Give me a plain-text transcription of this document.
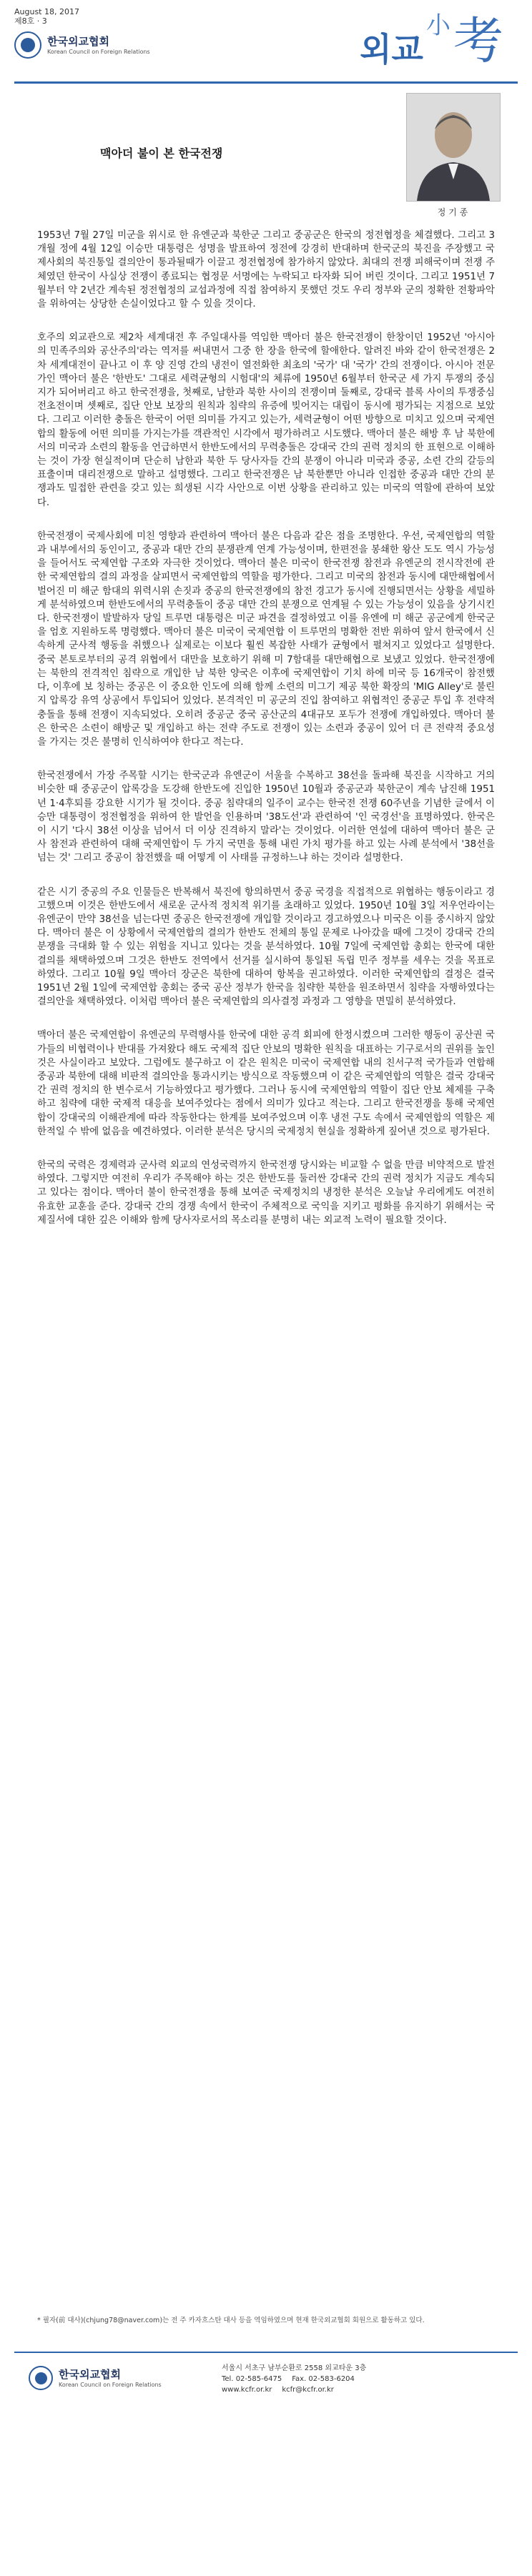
August 18, 2017
제8호 · 3
한국외교협회
Korean Council on Foreign Relations	외교
小 考
맥아더 불이 본 한국전쟁
정 기 종

1953년 7월 27일 미군을 위시로 한 유엔군과 북한군 그리고 중공군은 한국의 정전협정을 체결했다. 그리고 3개월 정에 4월 12일 이승만 대통령은 성명을 발표하여 정전에 강경히 반대하며 한국군의 북진을 주장했고 국제사회의 북진통일 결의안이 통과될때가 이끌고 정전협정에 참가하지 않았다. 최대의 전쟁 피해국이며 전쟁 주체였던 한국이 사실상 전쟁이 종료되는 협정문 서명에는 누락되고 타자화 되어 버린 것이다. 그리고 1951년 7월부터 약 2년간 계속된 정전협정의 교섭과정에 직접 참여하지 못했던 것도 우리 정부와 군의 정확한 전황파악을 위하여는 상당한 손실이었다고 할 수 있을 것이다.

호주의 외교관으로 제2차 세계대전 후 주일대사를 역임한 맥아더 불은 한국전쟁이 한창이던 1952년 '아시아의 민족주의와 공산주의'라는 역저를 써내면서 그중 한 장을 한국에 할애한다. 알려진 바와 같이 한국전쟁은 2차 세계대전이 끝나고 이 후 양 진영 간의 냉전이 열전화한 최초의 '국가' 대 '국가' 간의 전쟁이다. 아시아 전문가인 맥아더 불은 '한반도' 그대로 세력균형의 시험대'의 체류에 1950년 6월부터 한국군 세 가지 투쟁의 중심지가 되어버리고 하고 한국전쟁을, 첫째로, 남한과 북한 사이의 전쟁이며 둘째로, 강대국 블록 사이의 투쟁중심 전초전이며 셋째로, 집단 안보 보장의 원칙과 침략의 유증에 빚어지는 대립이 동시에 평가되는 지점으로 보았다. 그리고 이러한 충돌은 한국이 어떤 의미를 가지고 있는가, 세력균형이 어떤 방향으로 미치고 있으며 국제연합의 활동에 어떤 의미를 가지는가를 객관적인 시각에서 평가하려고 시도했다. 맥아더 불은 해방 후 남 북한에서의 미국과 소련의 활동을 언급하면서 한반도에서의 무력충돌은 강대국 간의 권력 정치의 한 표현으로 이해하는 것이 가장 현실적이며 단순히 남한과 북한 두 당사자들 간의 분쟁이 아니라 미국과 중공, 소련 간의 갈등의 표출이며 대리전쟁으로 말하고 설명했다. 그리고 한국전쟁은 남 북한뿐만 아니라 인접한 중공과 대만 간의 분쟁과도 밀접한 관련을 갖고 있는 희생된 시각 사안으로 이번 상황을 관리하고 있는 미국의 역할에 관하여 보았다.

한국전쟁이 국제사회에 미친 영향과 관련하여 맥아더 불은 다음과 같은 점을 조명한다. 우선, 국제연합의 역할과 내부에서의 동인이고, 중공과 대만 간의 분쟁관계 연계 가능성이며, 한편전을 봉쇄한 왕산 도도 역시 가능성을 들어서도 국제연합 구조와 자극한 것이었다. 맥아더 불은 미국이 한국전쟁 참전과 유엔군의 전시작전에 관한 국제연합의 결의 과정을 살피면서 국제연합의 역할을 평가한다. 그리고 미국의 참전과 동시에 대만해협에서 벌어진 미 해군 함대의 위력시위 손짓과 중공의 한국전쟁에의 참전 경고가 동시에 진행되면서는 상황을 세밀하게 분석하였으며 한반도에서의 무력충돌이 중공 대만 간의 분쟁으로 연계될 수 있는 가능성이 있음을 상기시킨다. 한국전쟁이 발발하자 당일 트루먼 대통령은 미군 파견을 결정하였고 이를 유엔에 미 해군 공군에게 한국군을 엄호 지원하도록 명령했다. 맥아더 불은 미국이 국제연합 이 트루먼의 명확한 전반 위하여 앞서 한국에서 신속하게 군사적 행동을 취했으나 실제로는 이보다 훨씬 복잡한 사태가 균형에서 펼쳐지고 있었다고 설명한다. 중국 본토로부터의 공격 위협에서 대만을 보호하기 위해 미 7함대를 대만해협으로 보냈고 있었다. 한국전쟁에는 북한의 전격적인 침략으로 개입한 남 북한 양국은 이후에 국제연합이 기치 하에 미국 등 16개국이 참전했다, 이후에 보 칭하는 중공은 이 중요한 인도에 의해 함께 소련의 미그기 제공 북한 확장의 'MIG Alley'로 불린 지 압록강 유역 상공에서 투입되어 있었다. 본격적인 미 공군의 진입 참여하고 위협적인 중공군 투입 후 전략적 충돌을 통해 전쟁이 지속되었다. 오히려 중공군 중국 공산군의 4대규모 포두가 전쟁에 개입하였다. 맥아더 불은 한국은 소련이 해방군 및 개입하고 하는 전략 주도로 전쟁이 있는 소련과 중공이 있어 더 큰 전략적 중요성을 가지는 것은 불명히 인식하여야 한다고 적는다.

한국전쟁에서 가장 주목할 시기는 한국군과 유엔군이 서울을 수복하고 38선을 돌파해 북진을 시작하고 거의 비슷한 때 중공군이 압록강을 도강해 한반도에 진입한 1950년 10월과 중공군과 북한군이 계속 남진해 1951년 1·4후퇴를 강요한 시기가 될 것이다. 중공 침략대의 일주이 교수는 한국전 전쟁 60주년을 기념한 글에서 이승만 대통령이 정전협정을 위하여 한 발언을 인용하며 '38도선'과 관련하여 '인 국경선'을 표명하였다. 한국은 이 시기 '다시 38선 이상을 넘어서 더 이상 진격하지 말라'는 것이었다. 이러한 연설에 대하여 맥아더 불은 군사 참전과 관련하여 대해 국제연합이 두 가지 국면을 통해 내린 가치 평가를 하고 있는 사례 분석에서 '38선을 넘는 것' 그리고 중공이 참전했을 때 어떻게 이 사태를 규정하느냐 하는 것이라 설명한다.

같은 시기 중공의 주요 인물들은 반복해서 북진에 항의하면서 중공 국경을 직접적으로 위협하는 행동이라고 경고했으며 이것은 한반도에서 새로운 군사적 정치적 위기를 초래하고 있었다. 1950년 10월 3일 저우언라이는 유엔군이 만약 38선을 넘는다면 중공은 한국전쟁에 개입할 것이라고 경고하였으나 미국은 이를 중시하지 않았다. 맥아더 불은 이 상황에서 국제연합의 결의가 한반도 전체의 통일 문제로 나아갔을 때에 그것이 강대국 간의 분쟁을 극대화 할 수 있는 위험을 지니고 있다는 것을 분석하였다. 10월 7일에 국제연합 총회는 한국에 대한 결의를 채택하였으며 그것은 한반도 전역에서 선거를 실시하여 통일된 독립 민주 정부를 세우는 것을 목표로 하였다. 그리고 10월 9일 맥아더 장군은 북한에 대하여 항복을 권고하였다. 이러한 국제연합의 결정은 결국 1951년 2월 1일에 국제연합 총회는 중국 공산 정부가 한국을 침략한 북한을 원조하면서 침략을 자행하였다는 결의안을 채택하였다. 이처럼 맥아더 불은 국제연합의 의사결정 과정과 그 영향을 면밀히 분석하였다.

맥아더 불은 국제연합이 유엔군의 무력행사를 한국에 대한 공격 회피에 한정시켰으며 그러한 행동이 공산권 국가들의 비협력이나 반대를 가져왔다 해도 국제적 집단 안보의 명확한 원칙을 대표하는 기구로서의 권위를 높인 것은 사실이라고 보았다. 그럼에도 불구하고 이 같은 원칙은 미국이 국제연합 내의 친서구적 국가들과 연합해 중공과 북한에 대해 비판적 결의안을 통과시키는 방식으로 작동했으며 이 같은 국제연합의 역할은 결국 강대국 간 권력 정치의 한 변수로서 기능하였다고 평가했다. 그러나 동시에 국제연합의 역할이 집단 안보 체제를 구축하고 침략에 대한 국제적 대응을 보여주었다는 점에서 의미가 있다고 적는다. 그리고 한국전쟁을 통해 국제연합이 강대국의 이해관계에 따라 작동한다는 한계를 보여주었으며 이후 냉전 구도 속에서 국제연합의 역할은 제한적일 수 밖에 없음을 예견하였다. 이러한 분석은 당시의 국제정치 현실을 정확하게 짚어낸 것으로 평가된다.

한국의 국력은 경제력과 군사력 외교의 연성국력까지 한국전쟁 당시와는 비교할 수 없을 만큼 비약적으로 발전하였다. 그렇지만 여전히 우리가 주목해야 하는 것은 한반도를 둘러싼 강대국 간의 권력 정치가 지금도 계속되고 있다는 점이다. 맥아더 불이 한국전쟁을 통해 보여준 국제정치의 냉정한 분석은 오늘날 우리에게도 여전히 유효한 교훈을 준다. 강대국 간의 경쟁 속에서 한국이 주체적으로 국익을 지키고 평화를 유지하기 위해서는 국제질서에 대한 깊은 이해와 함께 당사자로서의 목소리를 분명히 내는 외교적 노력이 필요할 것이다.

* 필자(前 대사)(chjung78@naver.com)는 전 주 카자흐스탄 대사 등을 역임하였으며 현재 한국외교협회 회원으로 활동하고 있다.
한국외교협회
Korean Council on Foreign Relations
서울시 서초구 남부순환로 2558 외교타운 3층
Tel. 02-585-6475 Fax. 02-583-6204
www.kcfr.or.kr kcfr@kcfr.or.kr
